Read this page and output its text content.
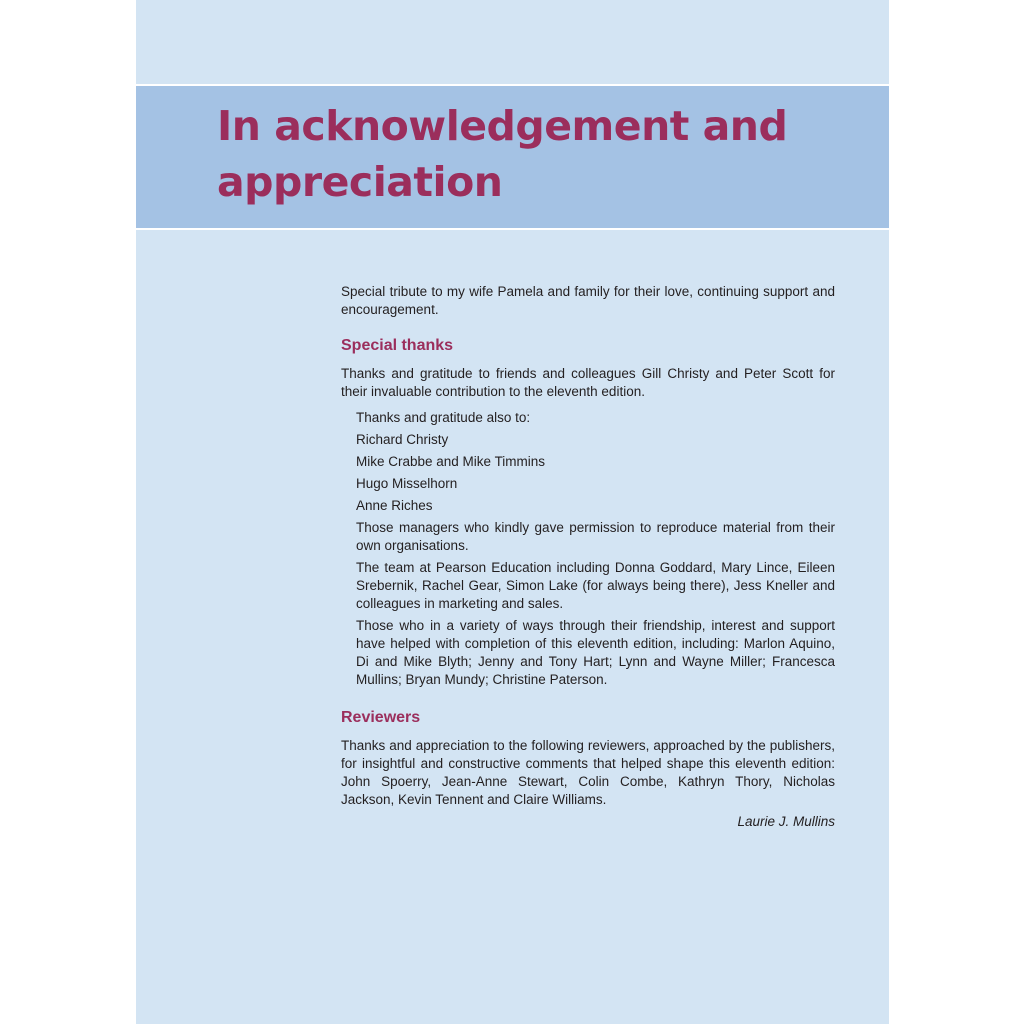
In acknowledgement and appreciation

Special tribute to my wife Pamela and family for their love, continuing support and encouragement.

Special thanks

Thanks and gratitude to friends and colleagues Gill Christy and Peter Scott for their invaluable contribution to the eleventh edition.

Thanks and gratitude also to:
Richard Christy
Mike Crabbe and Mike Timmins
Hugo Misselhorn
Anne Riches
Those managers who kindly gave permission to reproduce material from their own organisations.
The team at Pearson Education including Donna Goddard, Mary Lince, Eileen Srebernik, Rachel Gear, Simon Lake (for always being there), Jess Kneller and colleagues in marketing and sales.
Those who in a variety of ways through their friendship, interest and support have helped with completion of this eleventh edition, including: Marlon Aquino, Di and Mike Blyth; Jenny and Tony Hart; Lynn and Wayne Miller; Francesca Mullins; Bryan Mundy; Christine Paterson.
Reviewers

Thanks and appreciation to the following reviewers, approached by the publishers, for insightful and constructive comments that helped shape this eleventh edition: John Spoerry, Jean-Anne Stewart, Colin Combe, Kathryn Thory, Nicholas Jackson, Kevin Tennent and Claire Williams.

Laurie J. Mullins
